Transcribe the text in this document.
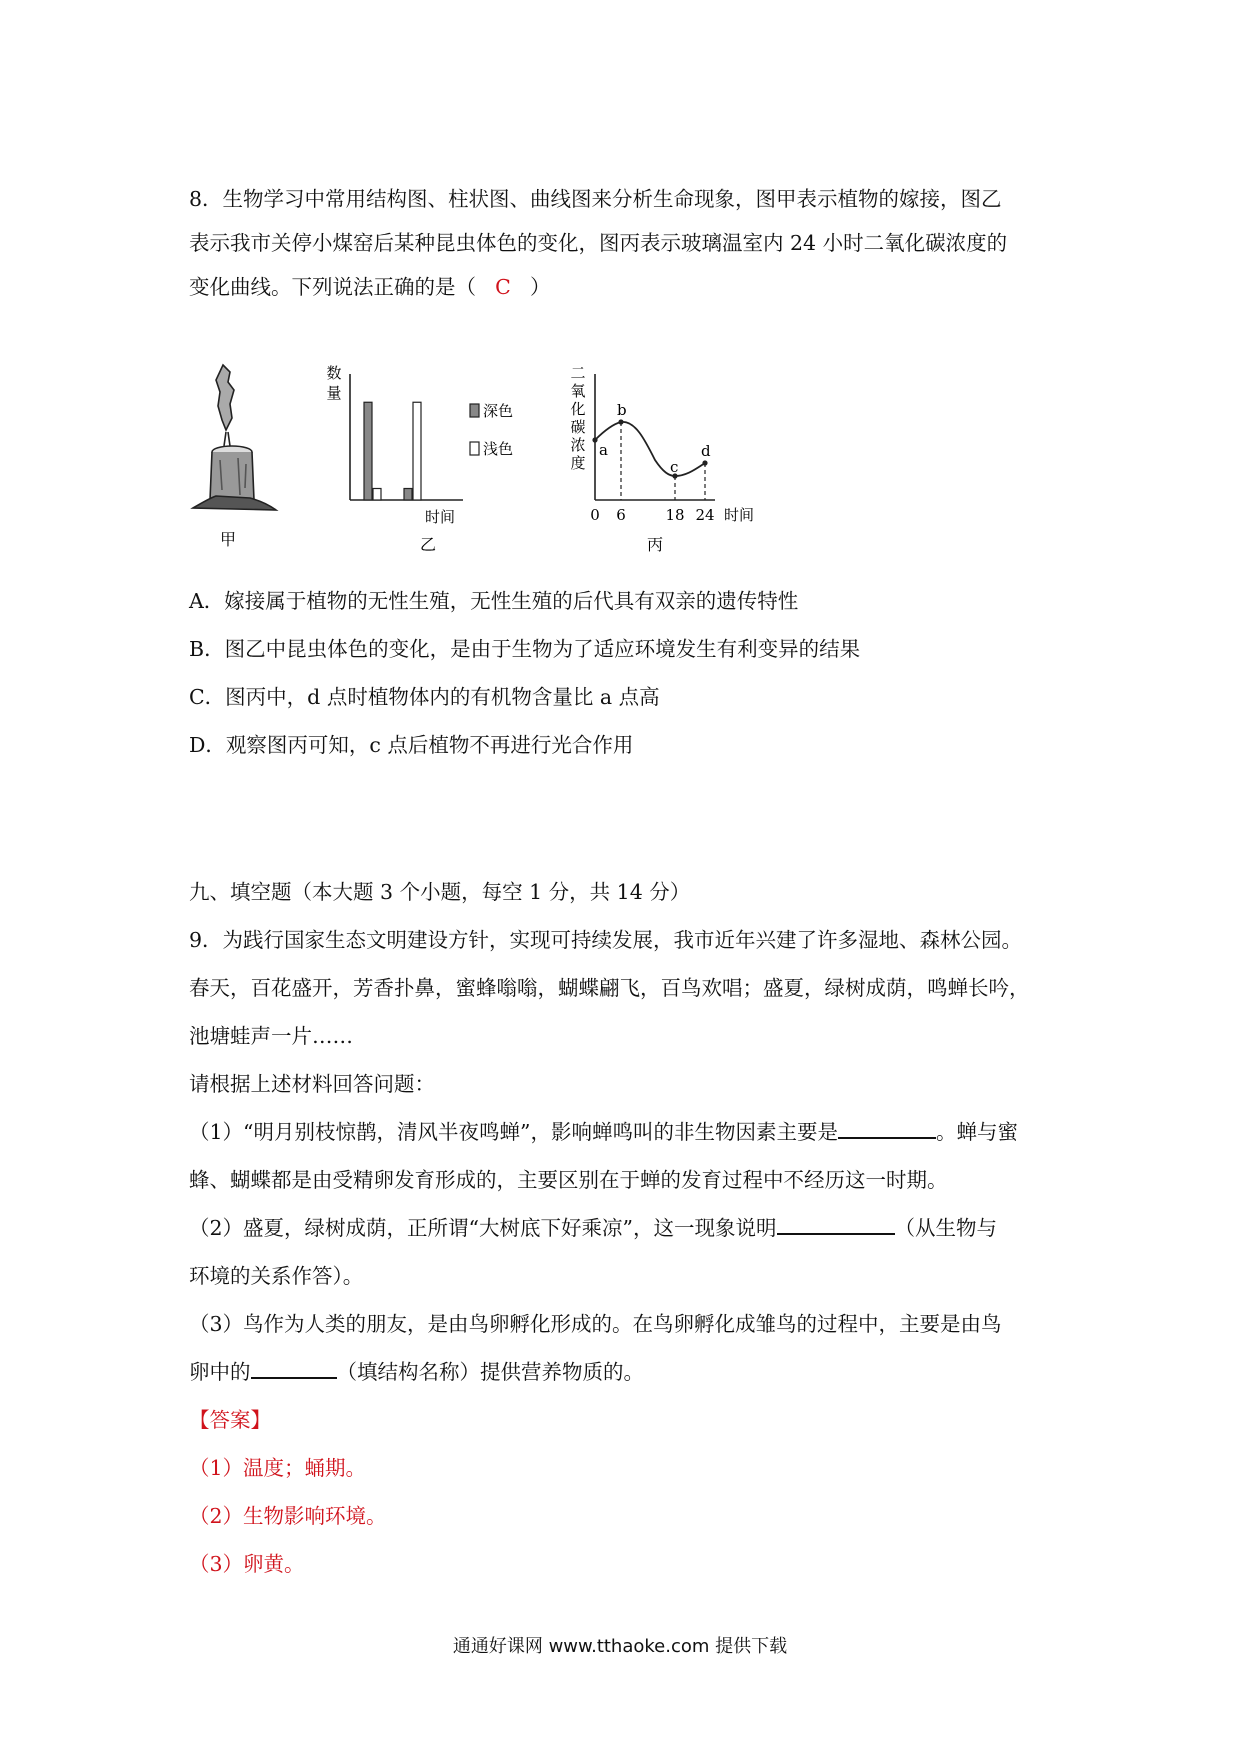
8．生物学习中常用结构图、柱状图、曲线图来分析生命现象，图甲表示植物的嫁接，图乙

表示我市关停小煤窑后某种昆虫体色的变化，图丙表示玻璃温室内 24 小时二氧化碳浓度的

变化曲线。下列说法正确的是（ C ）

甲
数
量
深色
浅色
时间
乙
二
氧
化
碳
浓
度
a
b
c
d
0 6	18 24 时间
丙

A．嫁接属于植物的无性生殖，无性生殖的后代具有双亲的遗传特性

B．图乙中昆虫体色的变化，是由于生物为了适应环境发生有利变异的结果

C．图丙中，d 点时植物体内的有机物含量比 a 点高

D．观察图丙可知，c 点后植物不再进行光合作用

九、填空题（本大题 3 个小题，每空 1 分，共 14 分）

9．为践行国家生态文明建设方针，实现可持续发展，我市近年兴建了许多湿地、森林公园。

春天，百花盛开，芳香扑鼻，蜜蜂嗡嗡，蝴蝶翩飞，百鸟欢唱；盛夏，绿树成荫，鸣蝉长吟，

池塘蛙声一片……

请根据上述材料回答问题：

（1）“明月别枝惊鹊，清风半夜鸣蝉”，影响蝉鸣叫的非生物因素主要是	。蝉与蜜

蜂、蝴蝶都是由受精卵发育形成的，主要区别在于蝉的发育过程中不经历这一时期。

（2）盛夏，绿树成荫，正所谓“大树底下好乘凉”，这一现象说明	（从生物与

环境的关系作答）。

（3）鸟作为人类的朋友，是由鸟卵孵化形成的。在鸟卵孵化成雏鸟的过程中，主要是由鸟

卵中的	（填结构名称）提供营养物质的。

【答案】

（1）温度；蛹期。

（2）生物影响环境。

（3）卵黄。

通通好课网 www.tthaoke.com 提供下载
